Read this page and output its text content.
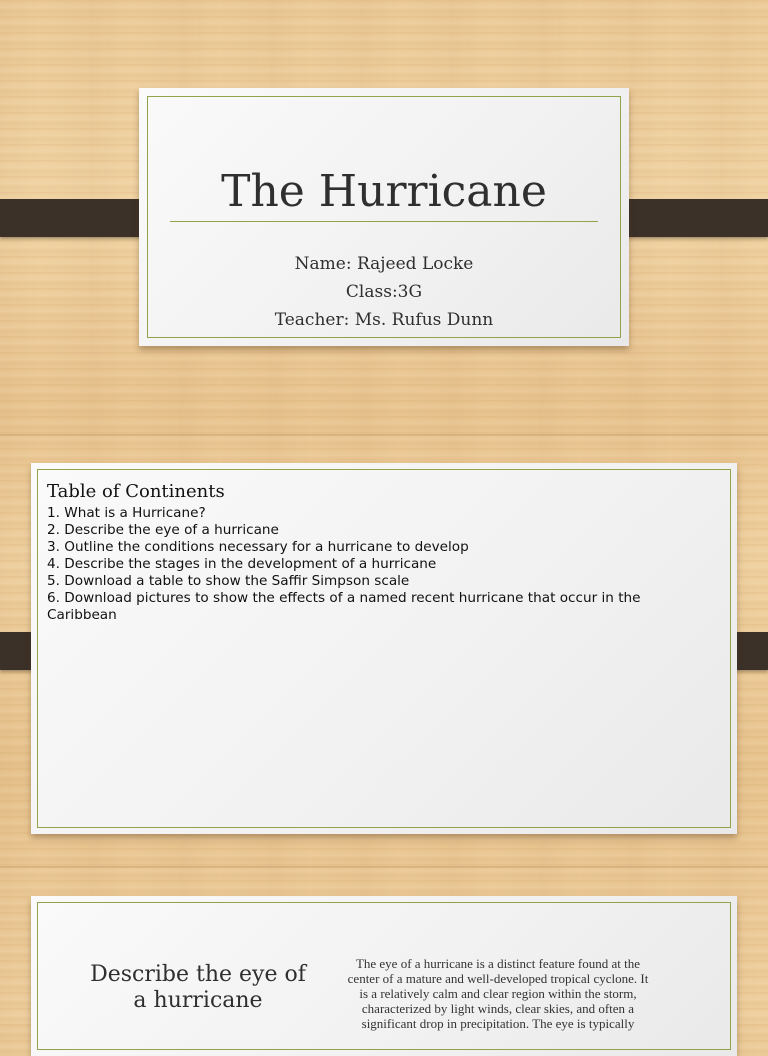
The Hurricane
Name: Rajeed Locke
Class:3G
Teacher: Ms. Rufus Dunn
Table of Continents
1. What is a Hurricane?
2. Describe the eye of a hurricane
3. Outline the conditions necessary for a hurricane to develop
4. Describe the stages in the development of a hurricane
5. Download a table to show the Saffir Simpson scale
6. Download pictures to show the effects of a named recent hurricane that occur in the Caribbean
Describe the eye of a hurricane
The eye of a hurricane is a distinct feature found at the center of a mature and well-developed tropical cyclone. It is a relatively calm and clear region within the storm, characterized by light winds, clear skies, and often a significant drop in precipitation. The eye is typically
